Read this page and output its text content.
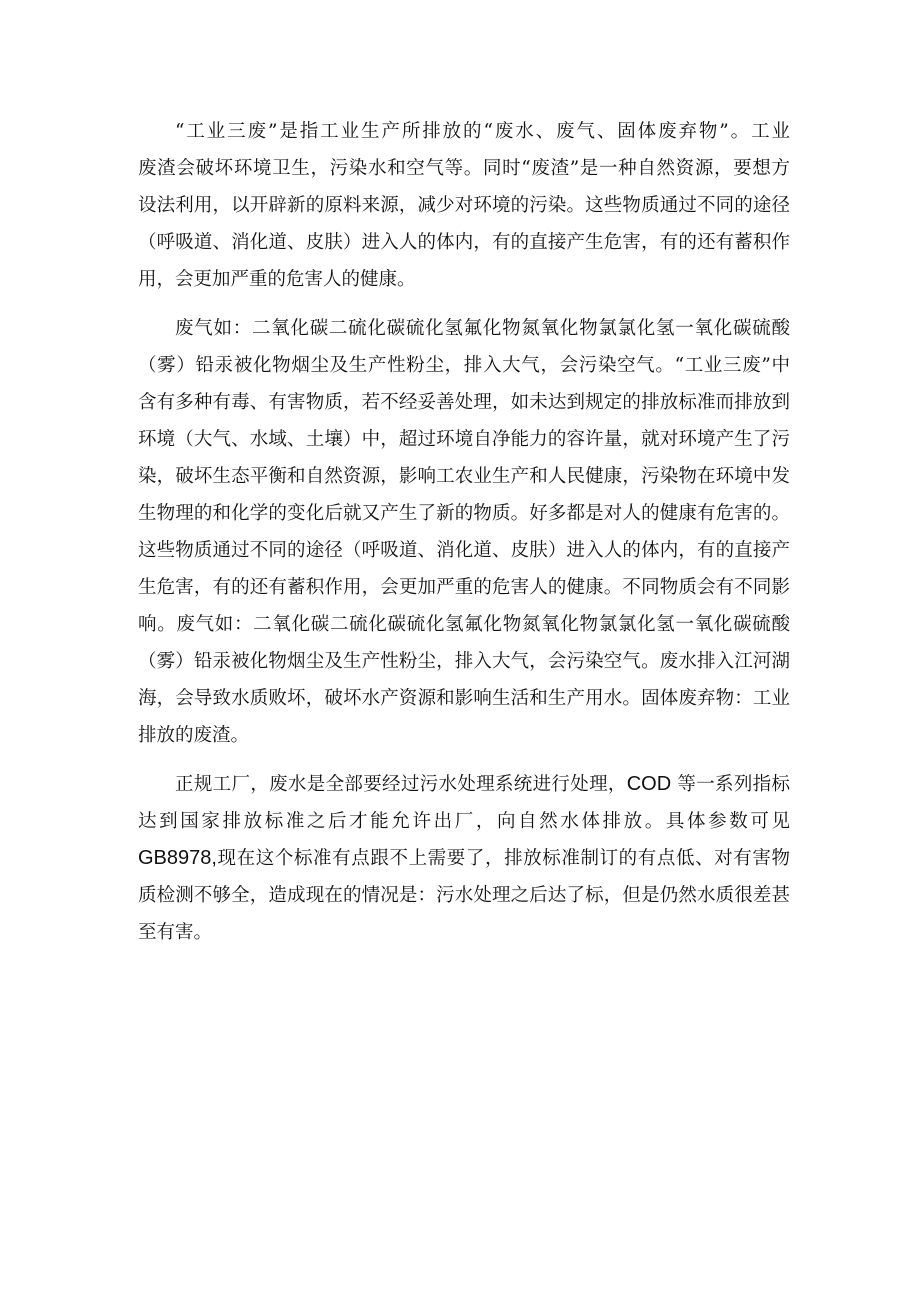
“工业三废”是指工业生产所排放的“废水、废气、固体废弃物”。工业
废渣会破坏环境卫生，污染水和空气等。同时“废渣”是一种自然资源，要想方
设法利用，以开辟新的原料来源，减少对环境的污染。这些物质通过不同的途径
（呼吸道、消化道、皮肤）进入人的体内，有的直接产生危害，有的还有蓄积作
用，会更加严重的危害人的健康。
废气如：二氧化碳二硫化碳硫化氢氟化物氮氧化物氯氯化氢一氧化碳硫酸
（雾）铅汞被化物烟尘及生产性粉尘，排入大气，会污染空气。“工业三废”中
含有多种有毒、有害物质，若不经妥善处理，如未达到规定的排放标准而排放到
环境（大气、水域、土壤）中，超过环境自净能力的容许量，就对环境产生了污
染，破坏生态平衡和自然资源，影响工农业生产和人民健康，污染物在环境中发
生物理的和化学的变化后就又产生了新的物质。好多都是对人的健康有危害的。
这些物质通过不同的途径（呼吸道、消化道、皮肤）进入人的体内，有的直接产
生危害，有的还有蓄积作用，会更加严重的危害人的健康。不同物质会有不同影
响。废气如：二氧化碳二硫化碳硫化氢氟化物氮氧化物氯氯化氢一氧化碳硫酸
（雾）铅汞被化物烟尘及生产性粉尘，排入大气，会污染空气。废水排入江河湖
海，会导致水质败坏，破坏水产资源和影响生活和生产用水。固体废弃物：工业
排放的废渣。
正规工厂，废水是全部要经过污水处理系统进行处理，COD 等一系列指标
达到国家排放标准之后才能允许出厂，向自然水体排放。具体参数可见
GB8978,现在这个标准有点跟不上需要了，排放标准制订的有点低、对有害物
质检测不够全，造成现在的情况是：污水处理之后达了标，但是仍然水质很差甚
至有害。
